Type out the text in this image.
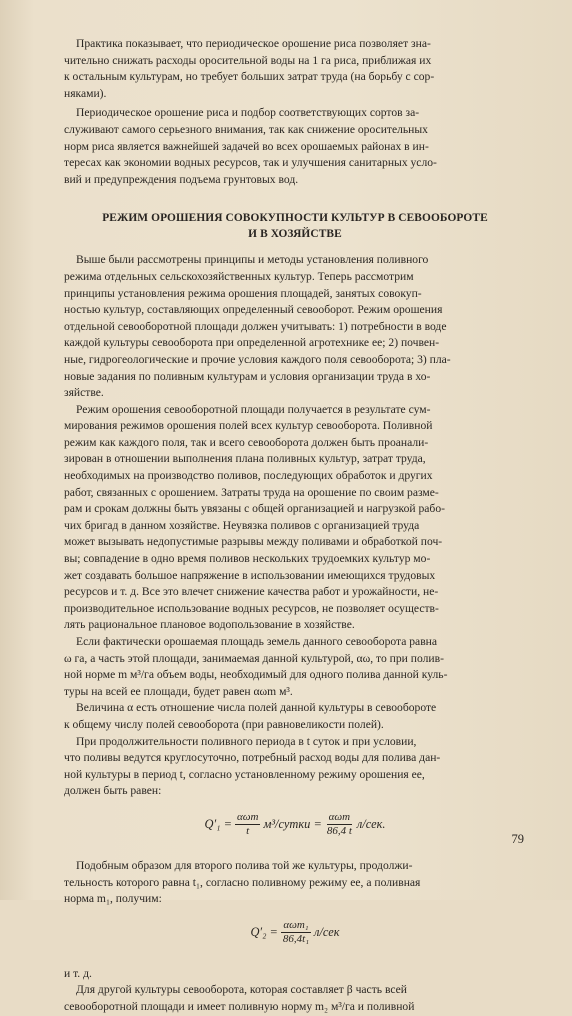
Практика показывает, что периодическое орошение риса позволяет зна-
чительно снижать расходы оросительной воды на 1 га риса, приближая их
к остальным культурам, но требует больших затрат труда (на борьбу с сор-
няками).

Периодическое орошение риса и подбор соответствующих сортов за-
служивают самого серьезного внимания, так как снижение оросительных
норм риса является важнейшей задачей во всех орошаемых районах в ин-
тересах как экономии водных ресурсов, так и улучшения санитарных усло-
вий и предупреждения подъема грунтовых вод.

РЕЖИМ ОРОШЕНИЯ СОВОКУПНОСТИ КУЛЬТУР В СЕВООБОРОТЕ
И В ХОЗЯЙСТВЕ

Выше были рассмотрены принципы и методы установления поливного
режима отдельных сельскохозяйственных культур. Теперь рассмотрим
принципы установления режима орошения площадей, занятых совокуп-
ностью культур, составляющих определенный севооборот. Режим орошения
отдельной севооборотной площади должен учитывать: 1) потребности в воде
каждой культуры севооборота при определенной агротехнике ее; 2) почвен-
ные, гидрогеологические и прочие условия каждого поля севооборота; 3) пла-
новые задания по поливным культурам и условия организации труда в хо-
зяйстве.

Режим орошения севооборотной площади получается в результате сум-
мирования режимов орошения полей всех культур севооборота. Поливной
режим как каждого поля, так и всего севооборота должен быть проанали-
зирован в отношении выполнения плана поливных культур, затрат труда,
необходимых на производство поливов, последующих обработок и других
работ, связанных с орошением. Затраты труда на орошение по своим разме-
рам и срокам должны быть увязаны с общей организацией и нагрузкой рабо-
чих бригад в данном хозяйстве. Неувязка поливов с организацией труда
может вызывать недопустимые разрывы между поливами и обработкой поч-
вы; совпадение в одно время поливов нескольких трудоемких культур мо-
жет создавать большое напряжение в использовании имеющихся трудовых
ресурсов и т. д. Все это влечет снижение качества работ и урожайности, не-
производительное использование водных ресурсов, не позволяет осуществ-
лять рациональное плановое водопользование в хозяйстве.

Если фактически орошаемая площадь земель данного севооборота равна
ω га, а часть этой площади, занимаемая данной культурой, αω, то при полив-
ной норме m м³/га объем воды, необходимый для одного полива данной куль-
туры на всей ее площади, будет равен αωm м³.

Величина α есть отношение числа полей данной культуры в севообороте
к общему числу полей севооборота (при равновеликости полей).

При продолжительности поливного периода в t суток и при условии,
что поливы ведутся круглосуточно, потребный расход воды для полива дан-
ной культуры в период t, согласно установленному режиму орошения ее,
должен быть равен:

$Q'_1 = \frac{\text{αωm}}{t}$ м³/сутки = $\frac{\text{αωm}}{86,4 t} л/сек$.

Подобным образом для второго полива той же культуры, продолжи-
тельность которого равна t₁, согласно поливному режиму ее, а поливная
норма m₁, получим:

$Q'_2 = \frac{\text{αωm₁}}{\text{86,4t₁}} л/сек$

и т. д.

Для другой культуры севооборота, которая составляет β часть всей
севооборотной площади и имеет поливную норму m₂ м³/га и поливной

79
